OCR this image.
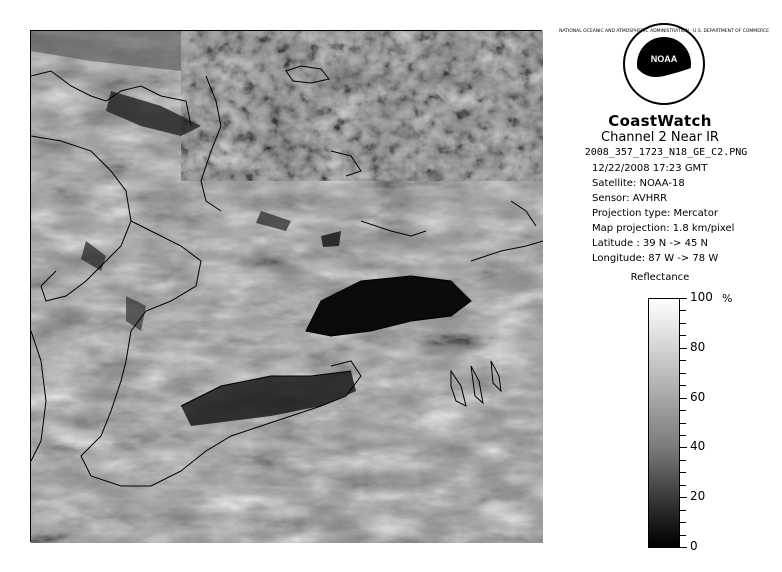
NOAA
NATIONAL OCEANIC AND ATMOSPHERIC ADMINISTRATION · U.S. DEPARTMENT OF COMMERCE
CoastWatch
Channel 2 Near IR
2008_357_1723_N18_GE_C2.PNG
12/22/2008 17:23 GMT
Satellite: NOAA-18
Sensor: AVHRR
Projection type: Mercator
Map projection: 1.8 km/pixel
Latitude : 39 N -> 45 N
Longitude: 87 W -> 78 W
Reflectance
%
100
80
60
40
20
0
